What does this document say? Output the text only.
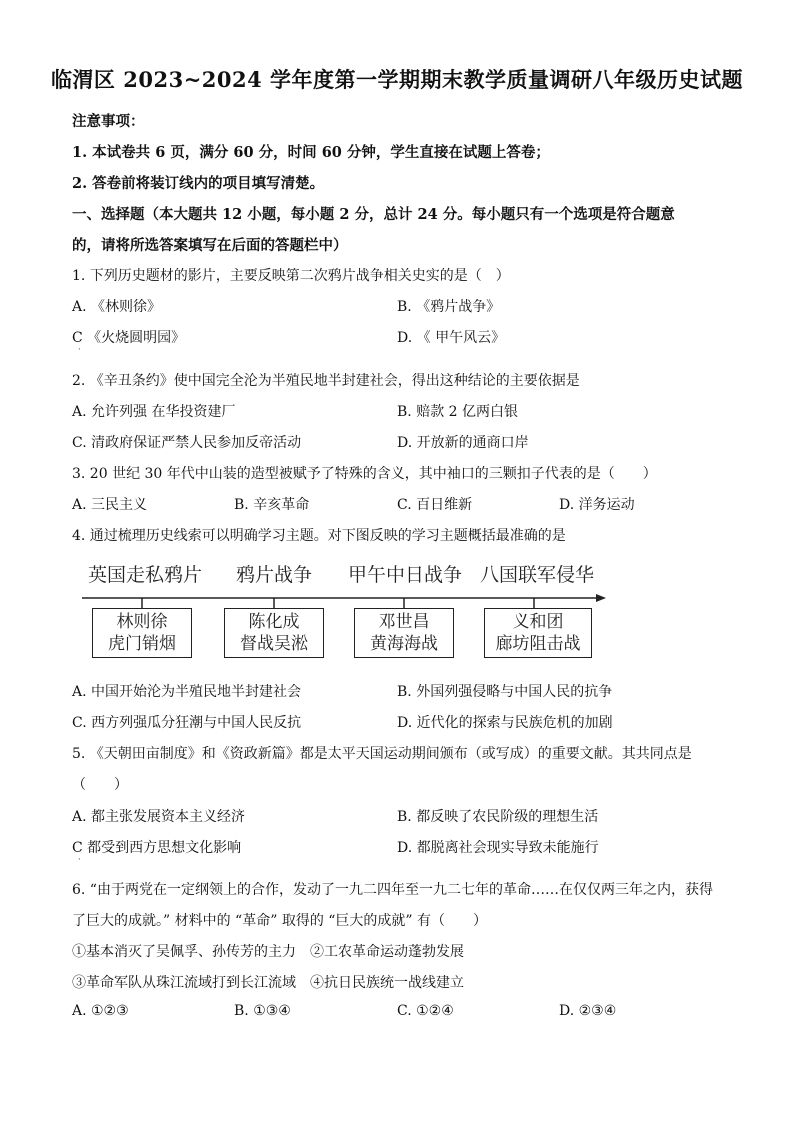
临渭区 2023~2024 学年度第一学期期末教学质量调研八年级历史试题
注意事项：
1. 本试卷共 6 页，满分 60 分，时间 60 分钟，学生直接在试题上答卷；
2. 答卷前将装订线内的项目填写清楚。
一、选择题（本大题共 12 小题，每小题 2 分，总计 24 分。每小题只有一个选项是符合题意
的，请将所选答案填写在后面的答题栏中）
1. 下列历史题材的影片，主要反映第二次鸦片战争相关史实的是（　）
A. 《林则徐》	B. 《鸦片战争》
C 《火烧圆明园》	D. 《 甲午风云》
·
2. 《辛丑条约》使中国完全沦为半殖民地半封建社会，得出这种结论的主要依据是
A. 允许列强 在华投资建厂	B. 赔款 2 亿两白银
C. 清政府保证严禁人民参加反帝活动	D. 开放新的通商口岸
3. 20 世纪 30 年代中山装的造型被赋予了特殊的含义，其中袖口的三颗扣子代表的是（　　）
A. 三民主义	B. 辛亥革命	C. 百日维新	D. 洋务运动
4. 通过梳理历史线索可以明确学习主题。对下图反映的学习主题概括最准确的是
英国走私鸦片 鸦片战争 甲午中日战争 八国联军侵华
林则徐
虎门销烟
陈化成
督战吴淞
邓世昌
黄海海战
义和团
廊坊阻击战
A. 中国开始沦为半殖民地半封建社会	B. 外国列强侵略与中国人民的抗争
C. 西方列强瓜分狂潮与中国人民反抗	D. 近代化的探索与民族危机的加剧
5. 《天朝田亩制度》和《资政新篇》都是太平天国运动期间颁布（或写成）的重要文献。其共同点是
（　　）
A. 都主张发展资本主义经济	B. 都反映了农民阶级的理想生活
C 都受到西方思想文化影响	D. 都脱离社会现实导致未能施行
·
6. “由于两党在一定纲领上的合作，发动了一九二四年至一九二七年的革命……在仅仅两三年之内，获得
了巨大的成就。” 材料中的 “革命” 取得的 “巨大的成就” 有（　　）
①基本消灭了吴佩孚、孙传芳的主力　②工农革命运动蓬勃发展
③革命军队从珠江流域打到长江流域　④抗日民族统一战线建立
A. ①②③	B. ①③④	C. ①②④	D. ②③④
